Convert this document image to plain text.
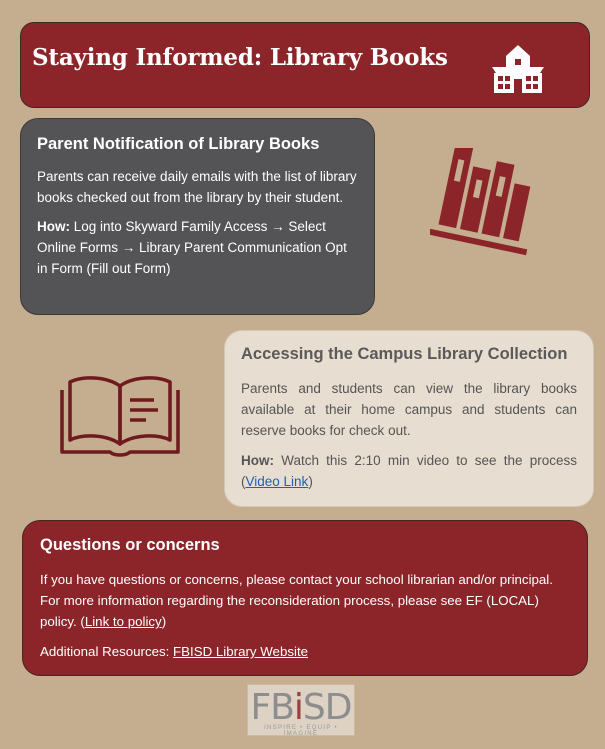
Staying Informed: Library Books
Parent Notification of Library Books

Parents can receive daily emails with the list of library books checked out from the library by their student.

How: Log into Skyward Family Access → Select Online Forms → Library Parent Communication Opt in Form (Fill out Form)

Accessing the Campus Library Collection

Parents and students can view the library books available at their home campus and students can reserve books for check out.

How: Watch this 2:10 min video to see the process (Video Link)

Questions or concerns

If you have questions or concerns, please contact your school librarian and/or principal. For more information regarding the reconsideration process, please see EF (LOCAL) policy. (Link to policy)

Additional Resources: FBISD Library Website

FBiSD
INSPIRE • EQUIP • IMAGINE
